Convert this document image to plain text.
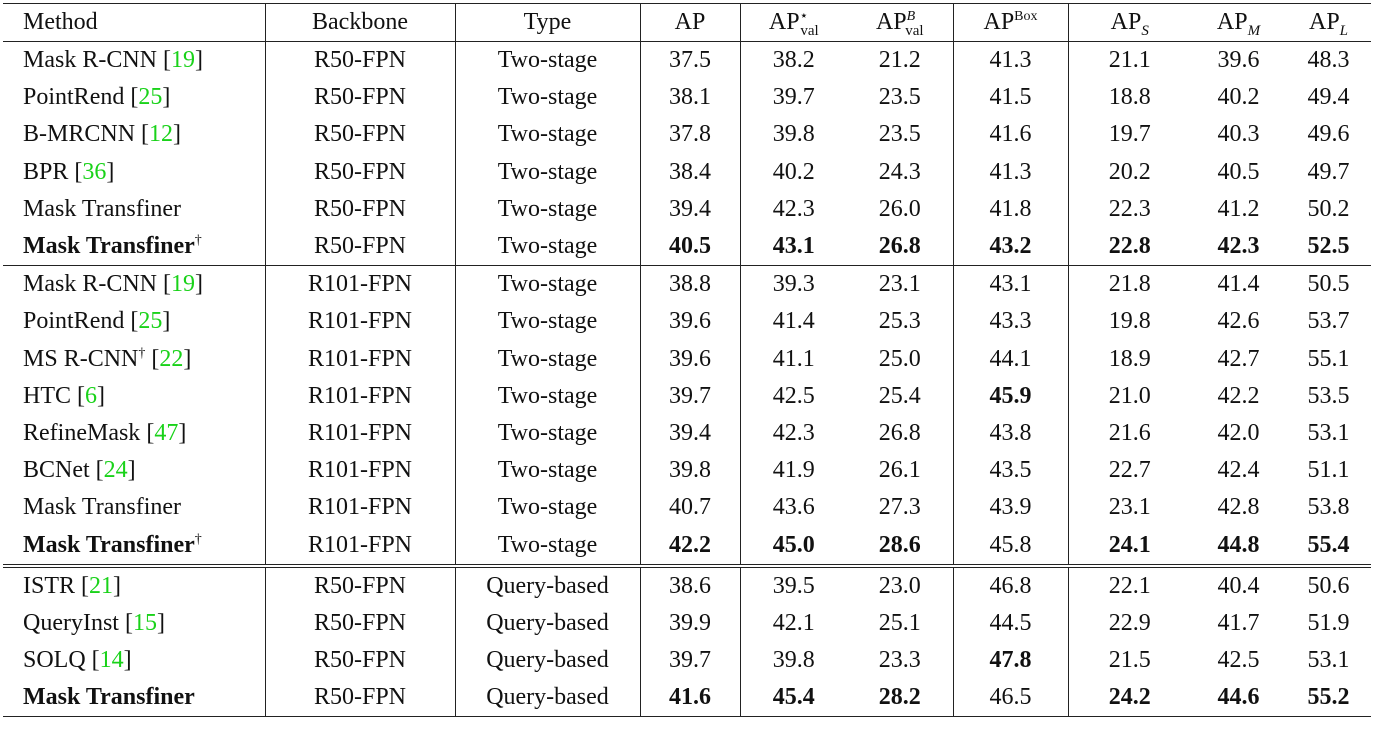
Method	Backbone	Type	AP	$AP^⋆_{val}$	$AP^B_{val}$	$AP^{Box}$	$AP_S$	$AP_M$	$AP_L$
Mask R-CNN [19]	R50-FPN	Two-stage	37.5	38.2	21.2	41.3	21.1	39.6	48.3
PointRend [25]	R50-FPN	Two-stage	38.1	39.7	23.5	41.5	18.8	40.2	49.4
B-MRCNN [12]	R50-FPN	Two-stage	37.8	39.8	23.5	41.6	19.7	40.3	49.6
BPR [36]	R50-FPN	Two-stage	38.4	40.2	24.3	41.3	20.2	40.5	49.7
Mask Transfiner	R50-FPN	Two-stage	39.4	42.3	26.0	41.8	22.3	41.2	50.2
Mask Transfiner†	R50-FPN	Two-stage	40.5	43.1	26.8	43.2	22.8	42.3	52.5
Mask R-CNN [19]	R101-FPN	Two-stage	38.8	39.3	23.1	43.1	21.8	41.4	50.5
PointRend [25]	R101-FPN	Two-stage	39.6	41.4	25.3	43.3	19.8	42.6	53.7
MS R-CNN† [22]	R101-FPN	Two-stage	39.6	41.1	25.0	44.1	18.9	42.7	55.1
HTC [6]	R101-FPN	Two-stage	39.7	42.5	25.4	45.9	21.0	42.2	53.5
RefineMask [47]	R101-FPN	Two-stage	39.4	42.3	26.8	43.8	21.6	42.0	53.1
BCNet [24]	R101-FPN	Two-stage	39.8	41.9	26.1	43.5	22.7	42.4	51.1
Mask Transfiner	R101-FPN	Two-stage	40.7	43.6	27.3	43.9	23.1	42.8	53.8
Mask Transfiner†	R101-FPN	Two-stage	42.2	45.0	28.6	45.8	24.1	44.8	55.4
ISTR [21]	R50-FPN	Query-based	38.6	39.5	23.0	46.8	22.1	40.4	50.6
QueryInst [15]	R50-FPN	Query-based	39.9	42.1	25.1	44.5	22.9	41.7	51.9
SOLQ [14]	R50-FPN	Query-based	39.7	39.8	23.3	47.8	21.5	42.5	53.1
Mask Transfiner	R50-FPN	Query-based	41.6	45.4	28.2	46.5	24.2	44.6	55.2
